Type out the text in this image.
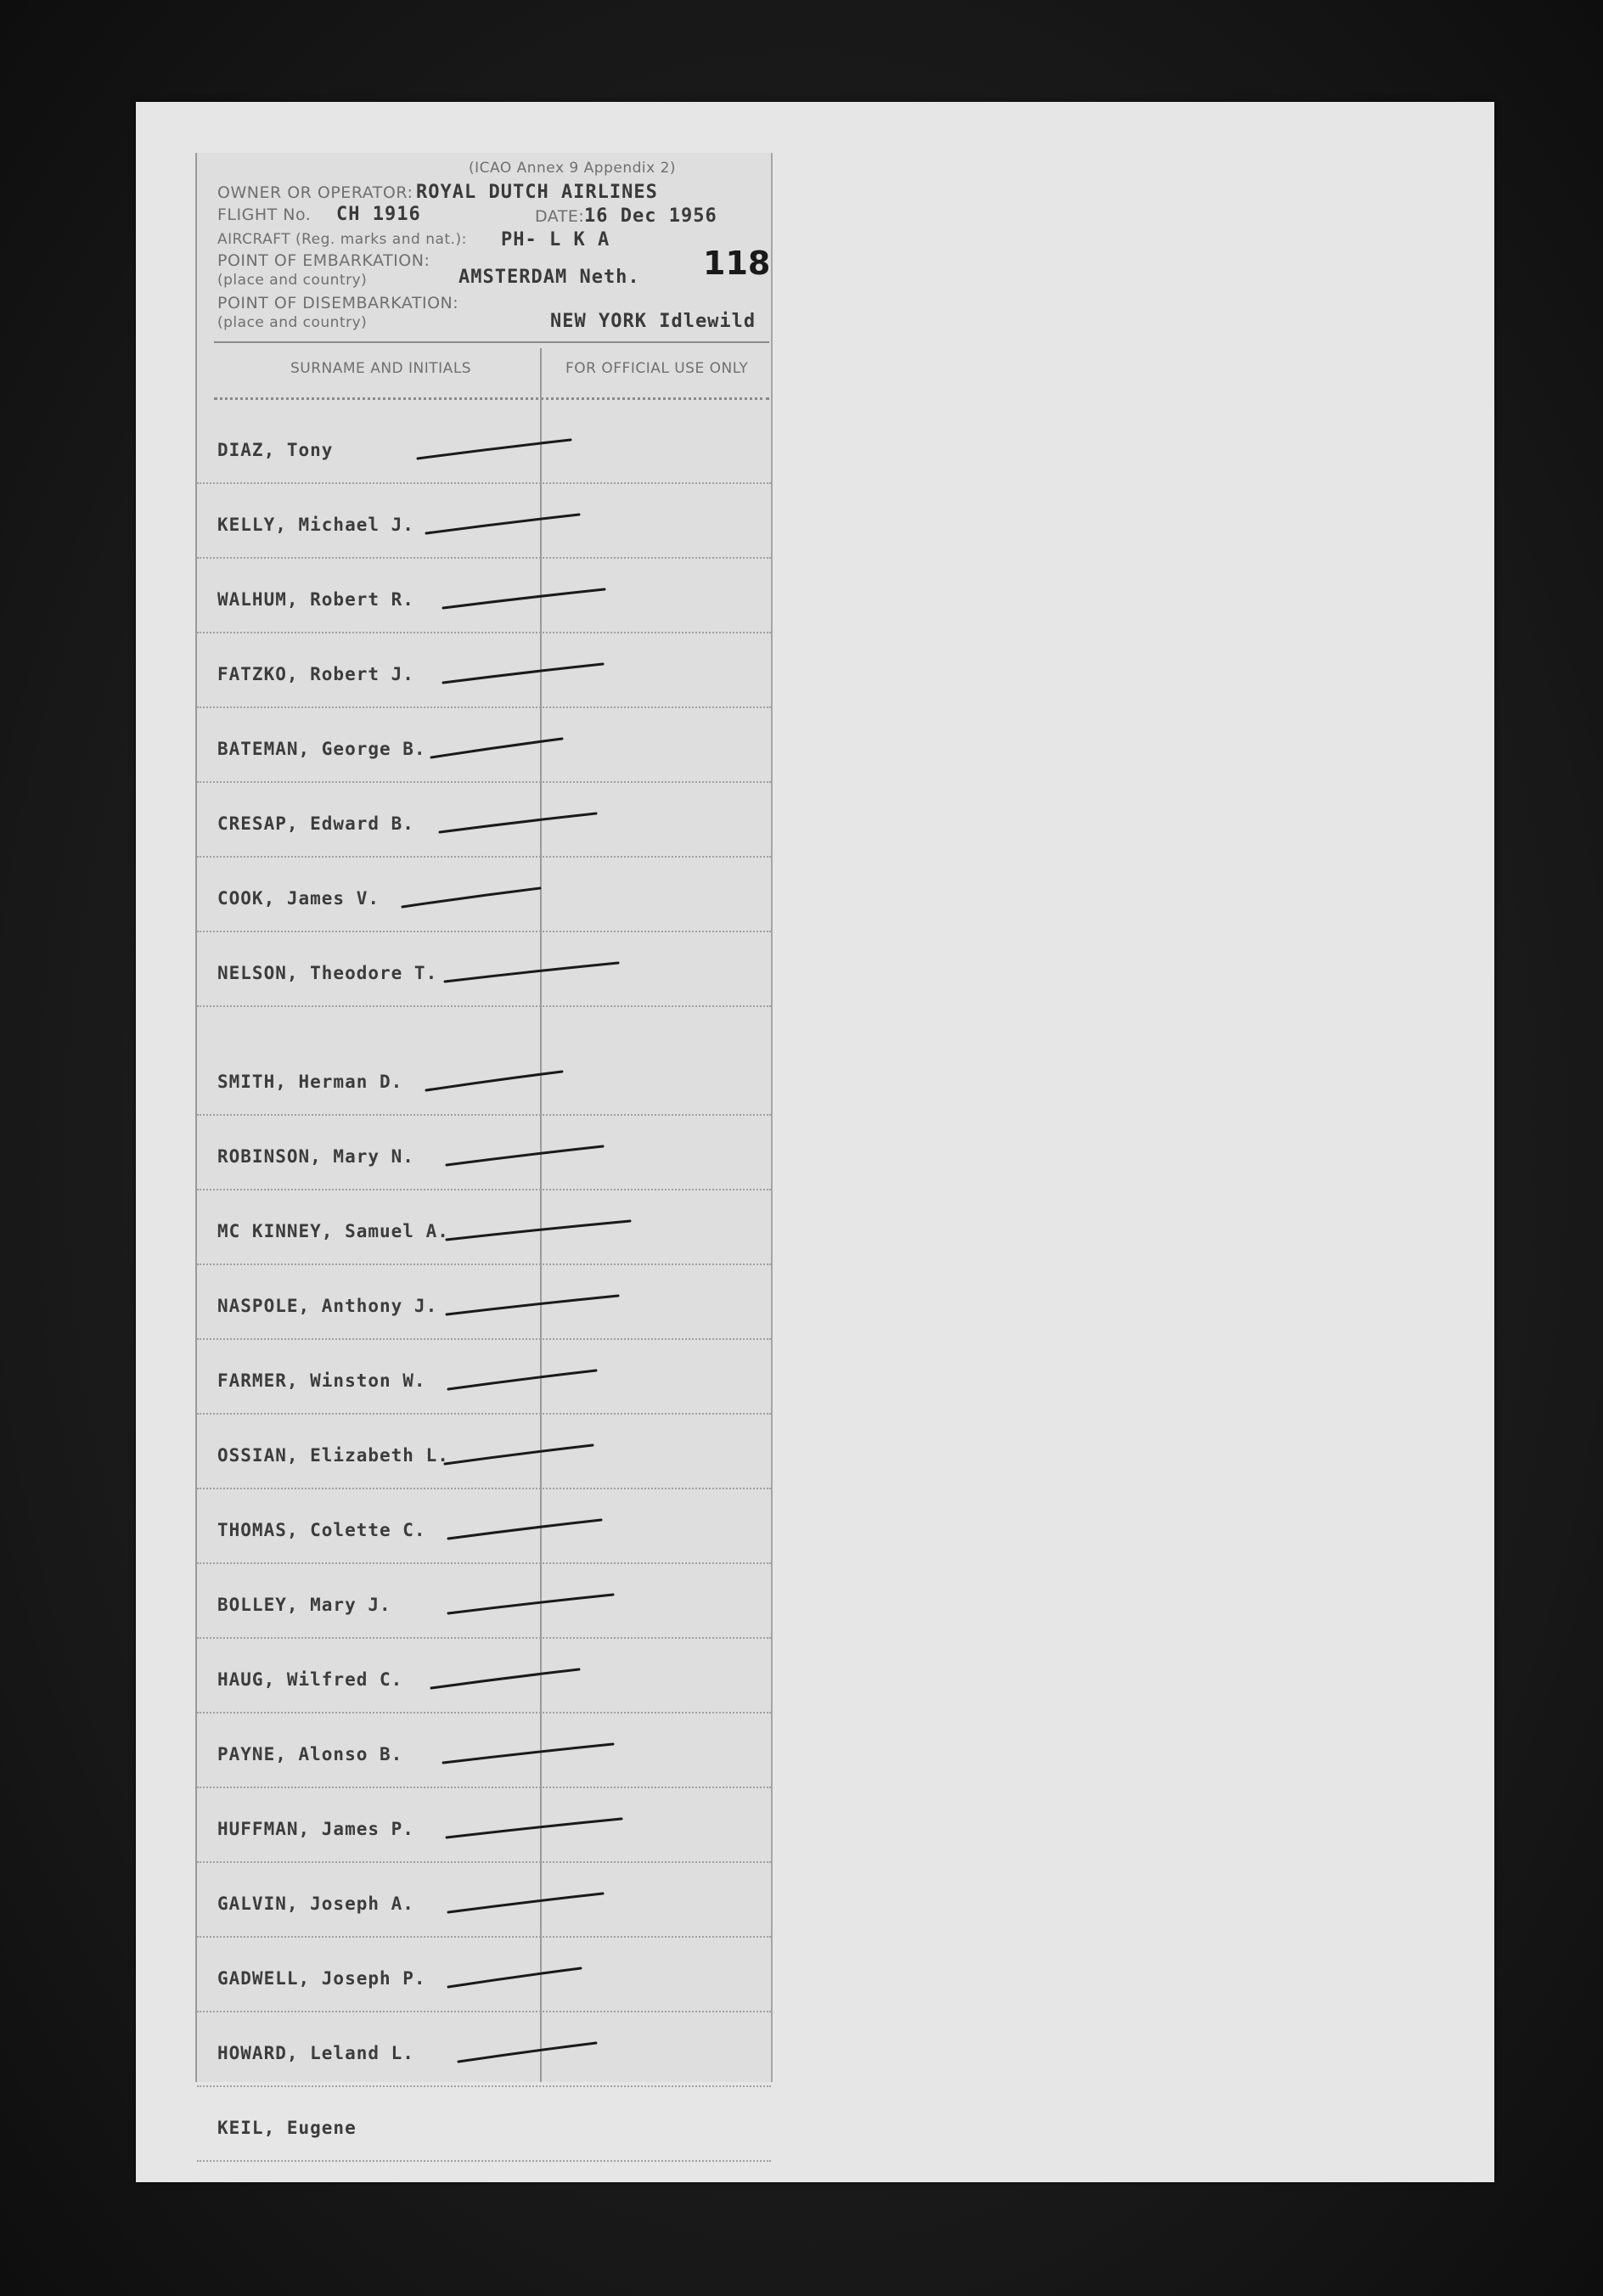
(ICAO Annex 9 Appendix 2)
OWNER OR OPERATOR: ROYAL DUTCH AIRLINES
FLIGHT No. CH 1916	DATE: 16 Dec 1956
AIRCRAFT (Reg. marks and nat.): PH- L K A
POINT OF EMBARKATION:
(place and country)	AMSTERDAM Neth. 118
POINT OF DISEMBARKATION:
(place and country)	NEW YORK Idlewild
SURNAME AND INITIALS	FOR OFFICIAL USE ONLY
DIAZ, Tony
KELLY, Michael J.
WALHUM, Robert R.
FATZKO, Robert J.
BATEMAN, George B.
CRESAP, Edward B.
COOK, James V.
NELSON, Theodore T.
SMITH, Herman D.
ROBINSON, Mary N.
MC KINNEY, Samuel A.
NASPOLE, Anthony J.
FARMER, Winston W.
OSSIAN, Elizabeth L.
THOMAS, Colette C.
BOLLEY, Mary J.
HAUG, Wilfred C.
PAYNE, Alonso B.
HUFFMAN, James P.
GALVIN, Joseph A.
GADWELL, Joseph P.
HOWARD, Leland L.
KEIL, Eugene
